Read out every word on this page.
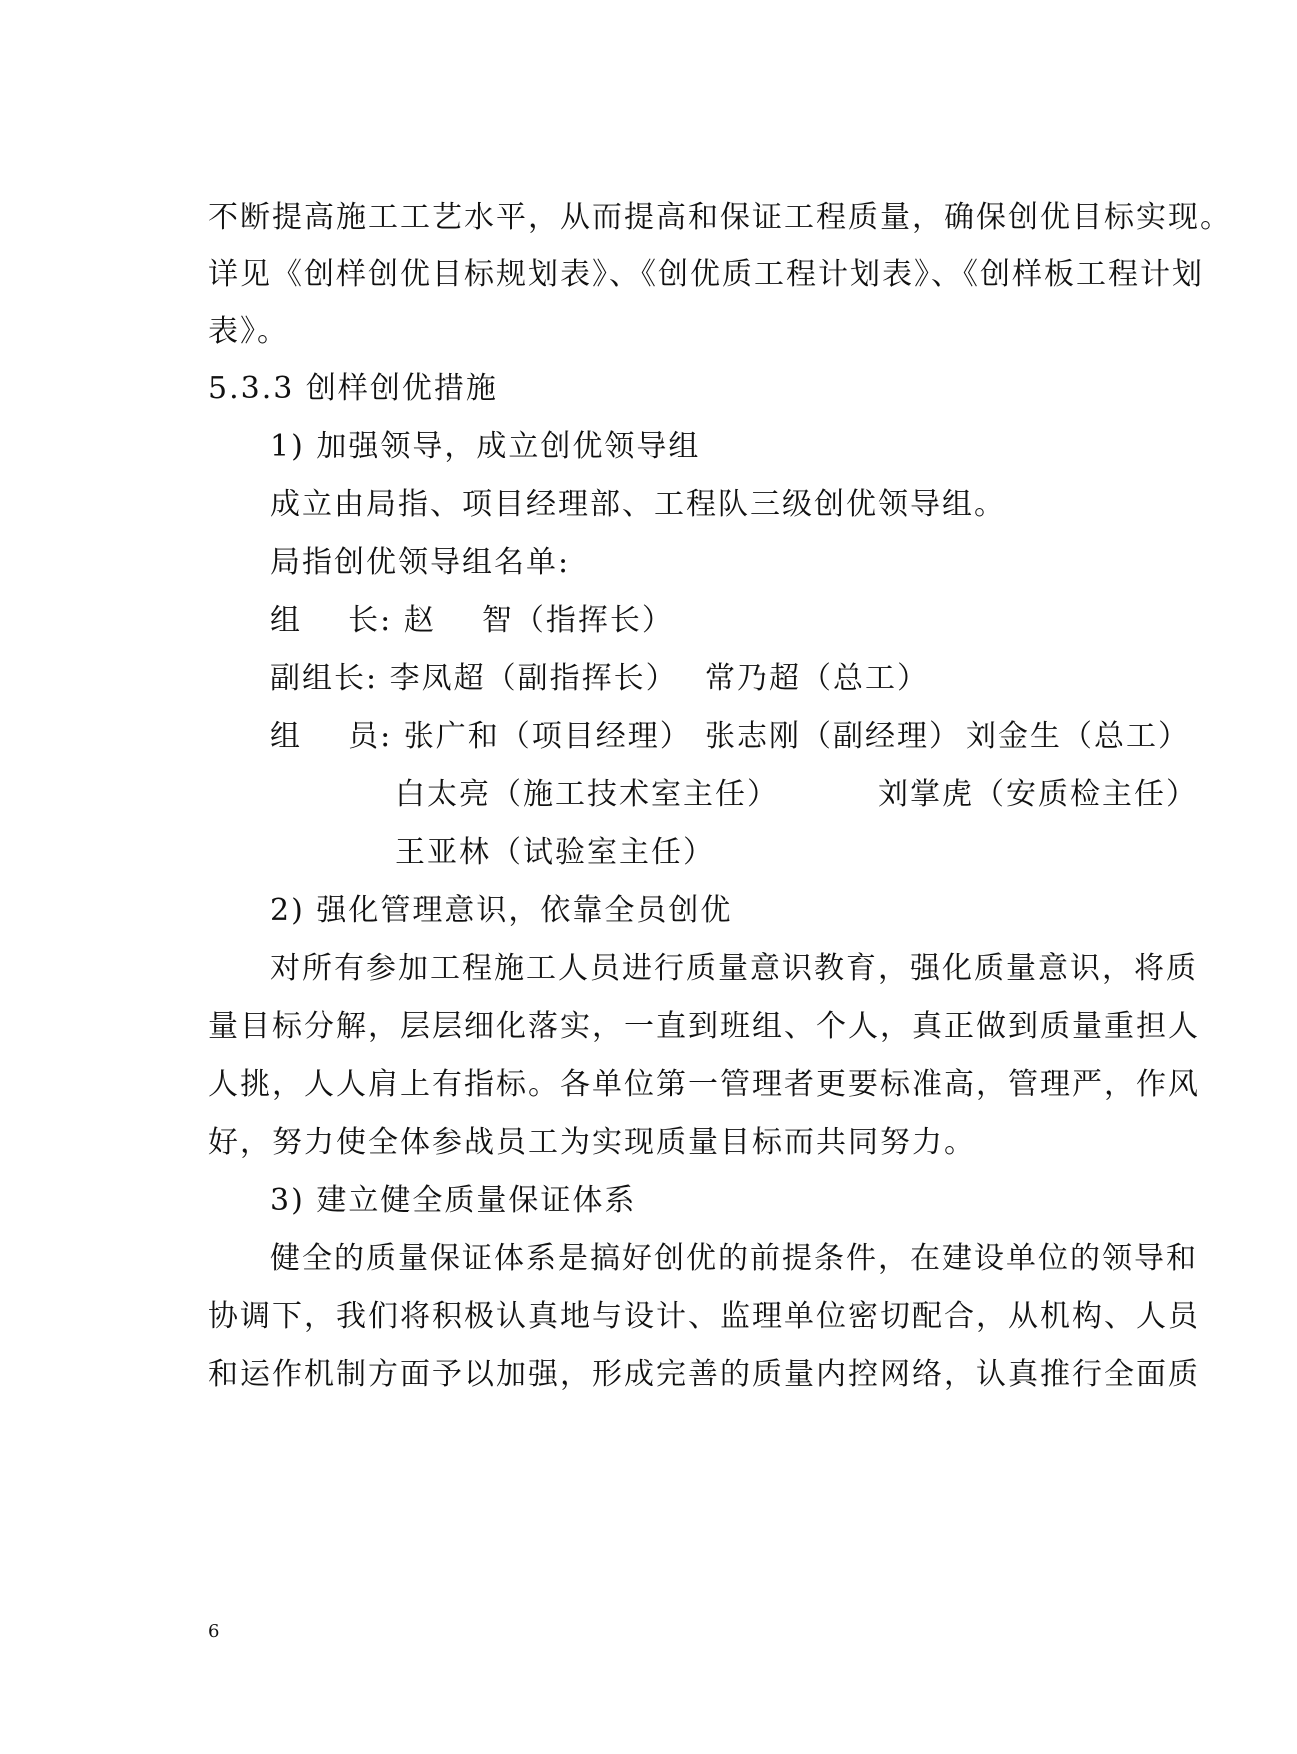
不断提高施工工艺水平，从而提高和保证工程质量，确保创优目标实现。
详见《创样创优目标规划表》、《创优质工程计划表》、《创样板工程计划
表》。
5.3.3 创样创优措施
1) 加强领导，成立创优领导组
成立由局指、项目经理部、工程队三级创优领导组。
局指创优领导组名单:
组    长: 赵    智（指挥长）
副组长: 李凤超（副指挥长） 常乃超（总工）
组    员: 张广和（项目经理） 张志刚（副经理） 刘金生（总工）
白太亮（施工技术室主任）	刘掌虎（安质检主任）
王亚林（试验室主任）
2) 强化管理意识，依靠全员创优
对所有参加工程施工人员进行质量意识教育，强化质量意识，将质
量目标分解，层层细化落实，一直到班组、个人，真正做到质量重担人
人挑，人人肩上有指标。各单位第一管理者更要标准高，管理严，作风
好，努力使全体参战员工为实现质量目标而共同努力。
3) 建立健全质量保证体系
健全的质量保证体系是搞好创优的前提条件，在建设单位的领导和
协调下，我们将积极认真地与设计、监理单位密切配合，从机构、人员
和运作机制方面予以加强，形成完善的质量内控网络，认真推行全面质
6
